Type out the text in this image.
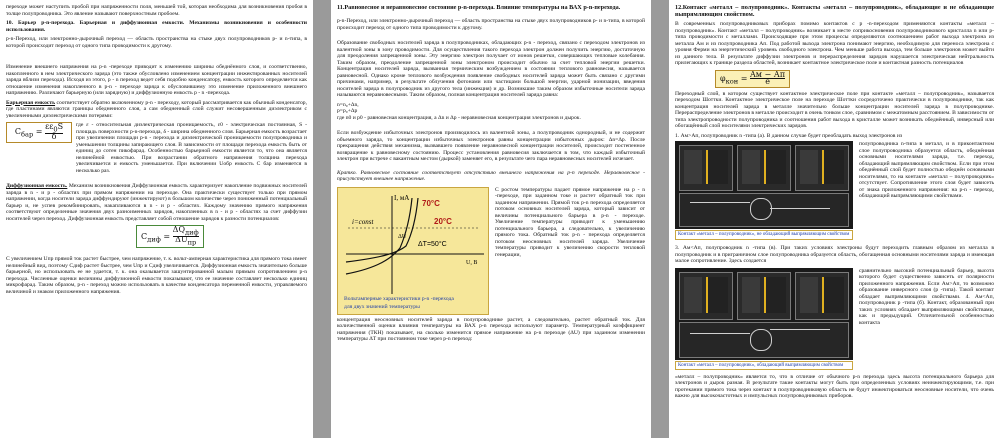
переходе может наступить пробой при напряженности поля, меньшей той, которая необходима для возникновения пробоя в толще полупроводника. Это явление называют поверхностным пробоем.

10. Барьер p-n-перехода. Барьерная и диффузионная емкости. Механизмы возникновения и особенности использования.

p-n-Переход, или электронно-дырочный переход — область пространства на стыке двух полупроводников p- и n-типа, в которой происходит переход от одного типа проводимости к другому.

Изменение внешнего напряжения на p-n -переходе приводит к изменению ширины обеднённого слоя, и соответственно, накопленного в нем электрического заряда (это также обусловлено изменением концентрации инжектированных носителей заряда вблизи перехода). Исходя из этого, p - n переход ведет себя подобно конденсатору, емкость которого определяется как отношение изменения накопленного в p-n - переходе заряда к обусловившему это изменение приложенного внешнего напряжению. Различают барьерную (или зарядную) и диффузионную емкость p - n -перехода.

Барьерная емкость соответствует обратно включенному p-n - переходу, который рассматривается как обычный конденсатор, где пластинами являются границы обедненного слоя, а сам обедненный слой служит несовершенным диэлектриком с увеличенными диэлектрическими потерями:

$C_{бар} = \frac{\varepsilon\varepsilon_0S}{\delta}$ где ε - относительная диэлектрическая проницаемость, ε0 - электрическая постоянная, S - площадь поверхности p-n-перехода, δ - ширина обедненного слоя. Барьерная емкость возрастает при увеличении площади p-n - перехода и диэлектрической проницаемости полупроводника и уменьшении толщины запирающего слоя. В зависимости от площади перехода емкость быть от единиц до сотен пикофарад. Особенностью барьерной емкости является то, что она является нелинейной емкостью. При возрастании обратного напряжения толщина перехода увеличивается и емкость уменьшается. При включении Uобр емкость С бар изменяется в несколько раз.

Диффузионная емкость. Механизм возникновения Диффузионная емкость характеризует накопление подвижных носителей заряда в n - и p - областях при прямом напряжении на переходе. Она практически существует только при прямом напряжении, когда носители заряда диффундируют (инжектируют) в большом количестве через пониженный потенциальный барьер и, не успев рекомбинировать, накапливаются в n - и p - областях. Каждому значению прямого напряжения соответствуют определенные значения двух разноименных зарядов, накопленных в n - и p - областях за счет диффузии носителей через переход. Диффузионная емкость представляет собой отношение зарядов к разности потенциалов:

$C_{диф}$ =
$\Delta Q_{диф}$
$\Delta U_{пр}$

С увеличением Uпр прямой ток растет быстрее, чем напряжение, т. к. вольт-амперная характеристика для прямого тока имеет нелинейный вид, поэтому Cдиф растет быстрее, чем Uпр и Cдиф увеличивается. Диффузионная емкость значительно больше барьерной, но использовать ее не удается, т. к. она оказывается зашунтированной малым прямым сопротивлением p-n перехода. Численные оценки величины диффузионной емкости показывают, что ее значение составляет несколько единиц микрофарад. Таким образом, p-n - переход можно использовать в качестве конденсатора переменной емкости, управляемого величиной и знаком приложенного напряжения.

11.Равновесное и неравновесное состояние p-n-перехода. Влияние температуры на ВАХ p-n-перехода.

p-n-Переход, или электронно-дырочный переход — область пространства на стыке двух полупроводников p- и n-типа, в которой происходит переход от одного типа проводимости к другому.

Образование свободных носителей заряда в полупроводниках, обладающих p-n - переход, связано с переходом электронов из валентной зоны в зону проводимости. Для осуществления такого перехода электрон должен получить энергию, достаточную для преодоления запрещенной зоны. Эту энергию электрон получает от ионов решетки, совершающих тепловые колебания. Таким образом, преодоление запрещенной зоны электроном происходит обычно за счет тепловой энергии решетки. Концентрация носителей заряда, вызванная термическим возбуждением в состоянии теплового равновесия, называется равновесной. Однако кроме теплового возбуждения появление свободных носителей заряда может быть связано с другими причинами, например, в результате облучения фотонами или частицами большой энергии, ударной ионизации, введения носителей заряда в полупроводник из другого тела (инжекция) и др. Возникшие таким образом избыточные носители заряда называются неравновесными. Таким образом, полная концентрация носителей заряда равна:

n=n₀+Δn,

p=p₀+Δp

где n0 и p0 - равновесная концентрация, а Δn и Δp - неравновесная концентрация электронов и дырок.

Если возбуждение избыточных электронов производилось из валентной зоны, а полупроводник однородный, и не содержит объемного заряда, то концентрации избыточных электронов равны концентрации избыточных дырок: Δn=Δp. После прекращения действия механизма, вызвавшего появление неравновесной концентрации носителей, происходит постепенное возвращение к равновесному состоянию. Процесс установления равновесия заключается в том, что каждый избыточный электрон при встрече с вакантным местом (дыркой) заменяет его, в результате чего пара неравновесных носителей исчезает.

Кратко. Равновесное состояние соответствует отсутствию внешнего напряжения на p-n переходе. Неравновесное - присутствует внешнее напряжение.

I, мА
i=const
70°C
20°C
ΔT=50°C
ΔU
U, В
Вольтамперные характеристики p-n -перехода
для двух значений температуры

С ростом температуры падает прямое напряжение на p - n -переходе, при заданном токе и растет обратный ток при заданном напряжении. Прямой ток p-n перехода определяется потоком основных носителей заряда, который зависит от величины потенциального барьера в p-n - переходе. Увеличение температуры приводит к уменьшению потенциального барьера, а следовательно, к увеличению прямого тока. Обратный ток p-n - перехода определяется потоком неосновных носителей заряда. Увеличение температуры приводит к увеличению скорости тепловой генерации,

концентрация неосновных носителей заряда в полупроводнике растет, а следовательно, растет обратный ток. Для количественной оценки влияния температуры на ВАХ p-n перехода используют параметр. Температурный коэффициент напряжения (ТКН) показывает, на сколько изменится прямое напряжение на p-n переходе (ΔU) при заданном изменении температуры ΔT при постоянном токе через p-n переход:

12.Контакт «металл – полупроводник». Контакты «металл – полупроводник», обладающие и не обладающие выпрямляющим свойством.

В современных полупроводниковых приборах помимо контактов с p -n-переходом применяются контакты «металл – полупроводник». Контакт «металл – полупроводник» возникает в месте соприкосновения полупроводникового кристалла n или p-типа проводимости с металлами. Происходящие при этом процессы определяются соотношением работ выхода электрона из металла Ам и из полупроводника Ап. Под работой выхода электрона понимают энергию, необходимую для переноса электрона с уровня Ферми на энергетический уровень свободного электрона. Чем меньше работа выхода, тем больше электронов может выйти из данного тела. В результате диффузии электронов и перераспределения зарядов нарушается электрическая нейтральность прилегающих к границе раздела областей, возникает контактное электрическое поле и контактная разность потенциалов

$\varphi_{кон}$ = Aм − Ап
e

Переходный слой, в котором существует контактное электрическое поле при контакте «металл – полупроводник», называется переходом Шоттки. Контактное электрическое поле на переходе Шоттки сосредоточено практически в полупроводнике, так как концентрация носителей заряда в металле значительно больше концентрации носителей заряда в полупроводнике. Перераспределение электронов в металле происходит в очень тонком слое, сравнимом с межатомным расстоянием. В зависимости от типа электропроводности полупроводника и соотношения работ выхода в кристалле может возникать обеднённый, инверсный или обогащённый слой носителями электрических зарядов.

1. Ам>Ап, полупроводник n -типа (а). В данном случае будет преобладать выход электронов из

Контакт «металл – полупроводник», не обладающий выпрямляющим свойством

полупроводника n-типа в металл, и в приконтактном слое полупроводника образуется область, обеднённая основными носителями заряда, т.е. переход, обладающий выпрямляющим свойством. Если при этом обеднённый слой будет полностью обеднён основными носителями, то на контакте «металл – полупроводник» отсутствует. Сопротивление этого слоя будет зависеть от знака приложенного напряжения: на p-n - переход, обладающий выпрямляющими свойствами.

3. Ам<Ап, полупроводник n -типа (в). При таких условиях электроны будут переходить главным образом из металла в полупроводник и в приграничном слое полупроводника образуется область, обогащенная основными носителями заряда и имеющая малое сопротивление. Здесь создается

Контакт «металл – полупроводник», обладающий выпрямляющим свойством

сравнительно высокий потенциальный барьер, высота которого будет существенно зависеть от полярности приложенного напряжения. Если Ам>Ап, то возможно образование инверсного слоя (p -типа). Такой контакт обладает выпрямляющими свойствами. 4. Ам<Ап, полупроводник p -типа (б). Контакт, образованный при таких условиях обладает выпрямляющими свойствами, как и предыдущий. Отличительной особенностью контакта

«металл – полупроводник» является то, что в отличие от обычного p-n перехода здесь высота потенциального барьера для электронов и дырок разная. В результате такие контакты могут быть при определенных условиях неинжектирующими, т.е. при протекании прямого тока через контакт в полупроводниковую область не будут инжектироваться неосновные носители, что очень важно для высокочастотных и импульсных полупроводниковых приборов.
